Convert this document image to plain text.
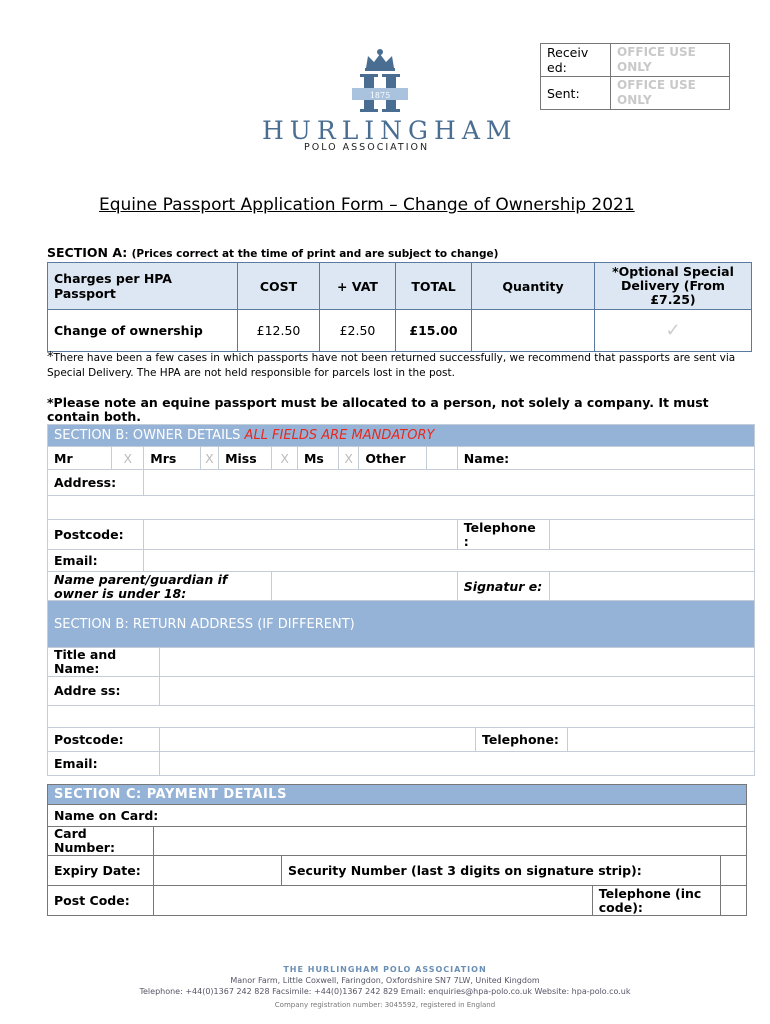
Receiv ed:	OFFICE USE ONLY
Sent:	OFFICE USE ONLY
1875
HURLINGHAM
POLO ASSOCIATION
Equine Passport Application Form – Change of Ownership 2021
SECTION A: (Prices correct at the time of print and are subject to change)
Charges per HPA Passport	COST	+ VAT	TOTAL	Quantity	*Optional Special Delivery (From £7.25)
Change of ownership	£12.50	£2.50	£15.00		✓
*There have been a few cases in which passports have not been returned successfully, we recommend that passports are sent via Special Delivery. The HPA are not held responsible for parcels lost in the post.
*Please note an equine passport must be allocated to a person, not solely a company. It must contain both.
SECTION B: OWNER DETAILS ALL FIELDS ARE MANDATORY											
Mr	X	Mrs	X	Miss	X	Ms	X	Other		Name:	
Address:											

Postcode:										Telephone :	
Email:											
Name parent/guardian if owner is under 18:										Signatur e:	
SECTION B: RETURN ADDRESS (IF DIFFERENT)			
Title and Name:			
Addre ss:			

Postcode:		Telephone:	
Email:			
SECTION C: PAYMENT DETAILS				
Name on Card:				
Card Number:				
Expiry Date:		Security Number (last 3 digits on signature strip):		
Post Code:			Telephone (inc code):	
THE HURLINGHAM POLO ASSOCIATION
Manor Farm, Little Coxwell, Faringdon, Oxfordshire SN7 7LW, United Kingdom
Telephone: +44(0)1367 242 828 Facsimile: +44(0)1367 242 829 Email: enquiries@hpa-polo.co.uk Website: hpa-polo.co.uk
Company registration number: 3045592, registered in England
